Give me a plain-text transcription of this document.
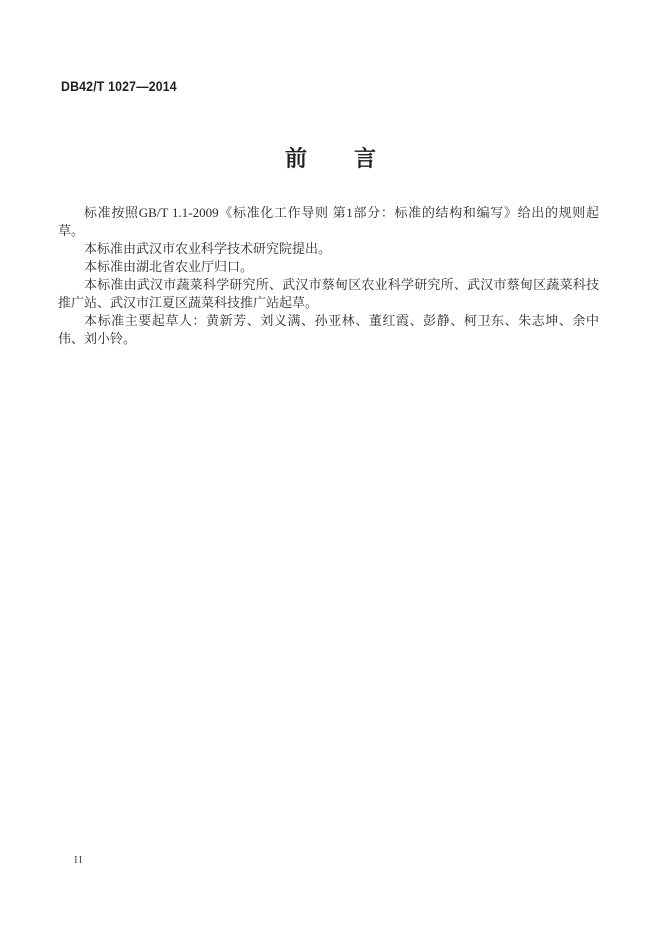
DB42/T 1027—2014
前　　言

标准按照GB/T 1.1-2009《标准化工作导则 第1部分：标准的结构和编写》给出的规则起草。

本标准由武汉市农业科学技术研究院提出。

本标准由湖北省农业厅归口。

本标准由武汉市蔬菜科学研究所、武汉市蔡甸区农业科学研究所、武汉市蔡甸区蔬菜科技推广站、武汉市江夏区蔬菜科技推广站起草。

本标准主要起草人：黄新芳、刘义满、孙亚林、董红霞、彭静、柯卫东、朱志坤、余中伟、刘小铃。

II
